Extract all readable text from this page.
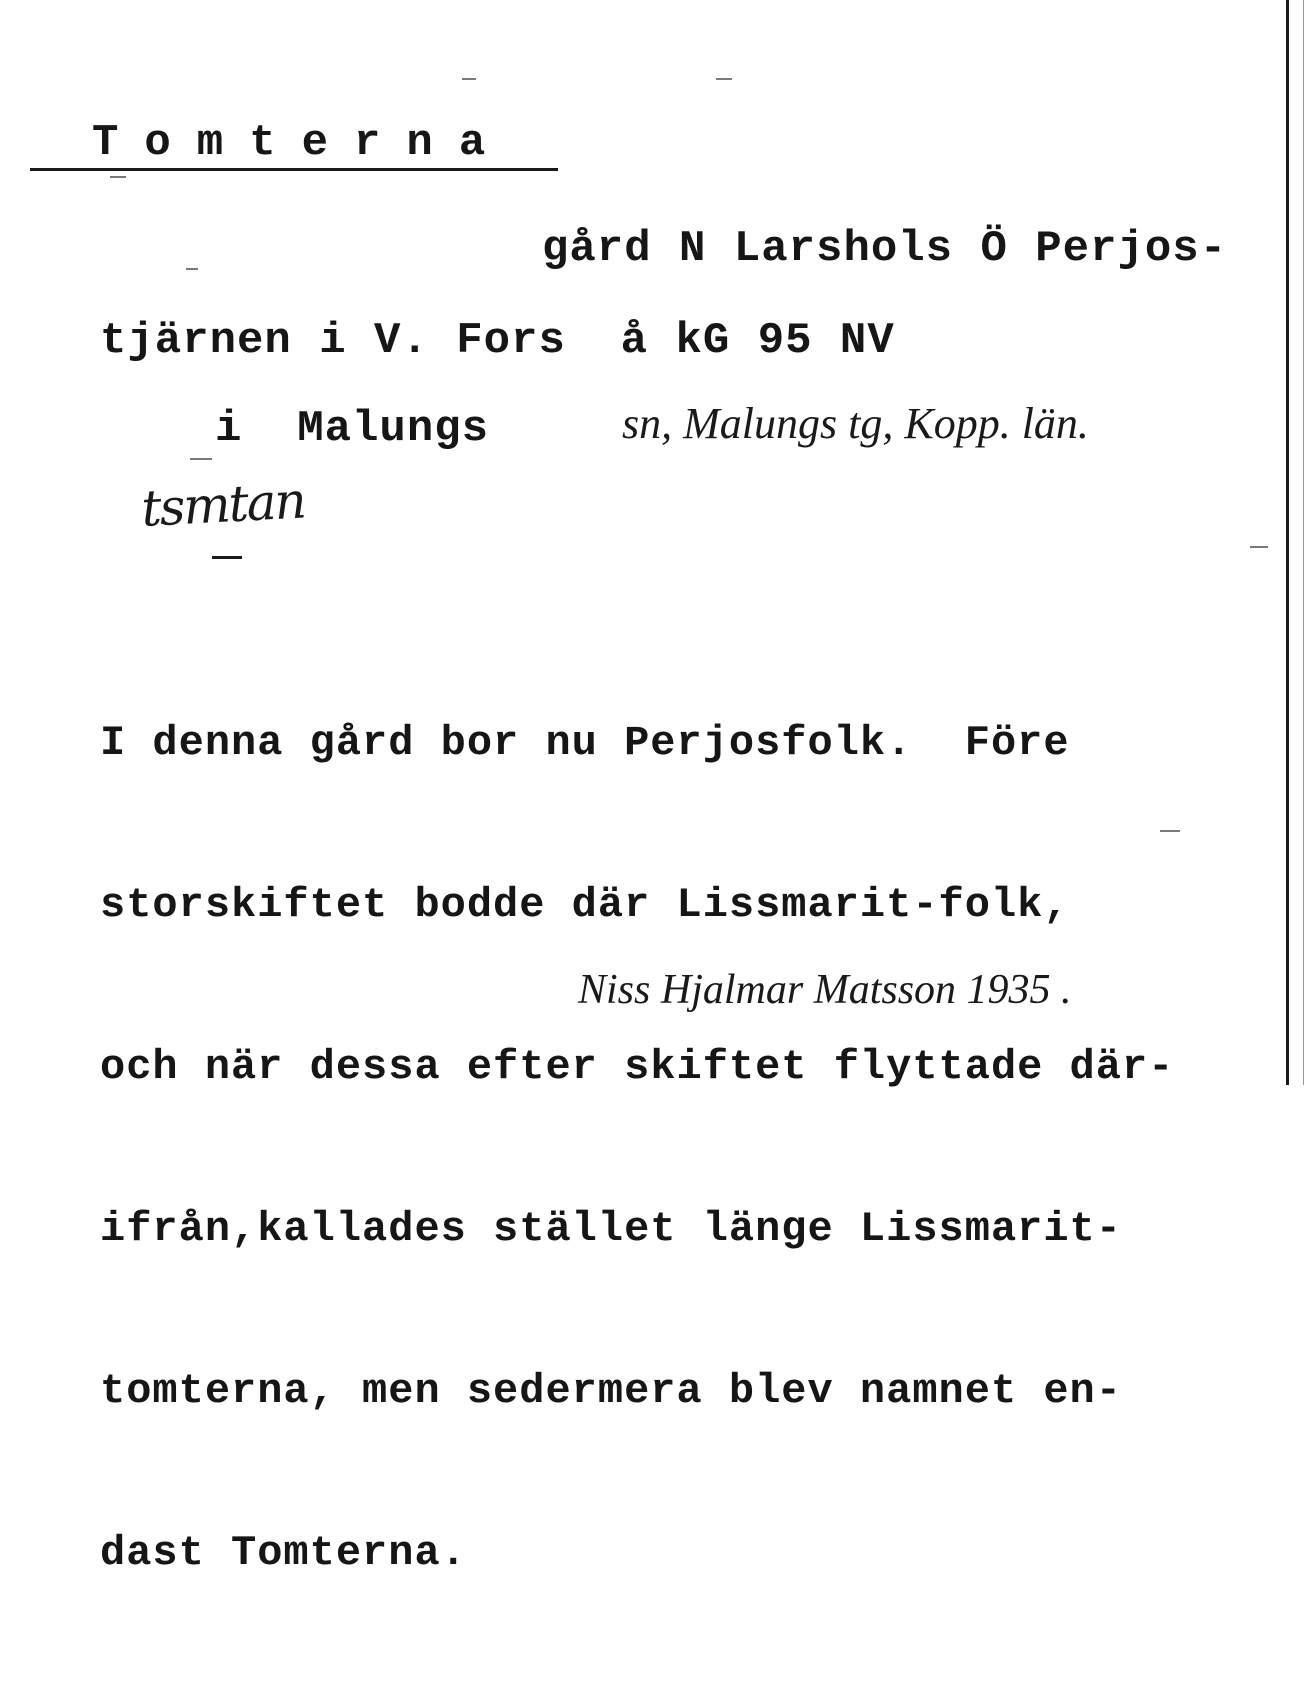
Tomterna
gård N Larshols Ö Perjos-
tjärnen i V. Fors  å kG 95 NV
i  Malungs	sn, Malungs tg, Kopp. län.
tsmtan

I denna gård bor nu Perjosfolk.  Före

storskiftet bodde där Lissmarit-folk,

och när dessa efter skiftet flyttade där-

ifrån,kallades stället länge Lissmarit-

tomterna, men sedermera blev namnet en-

dast Tomterna.

Niss Hjalmar Matsson 1935 .
